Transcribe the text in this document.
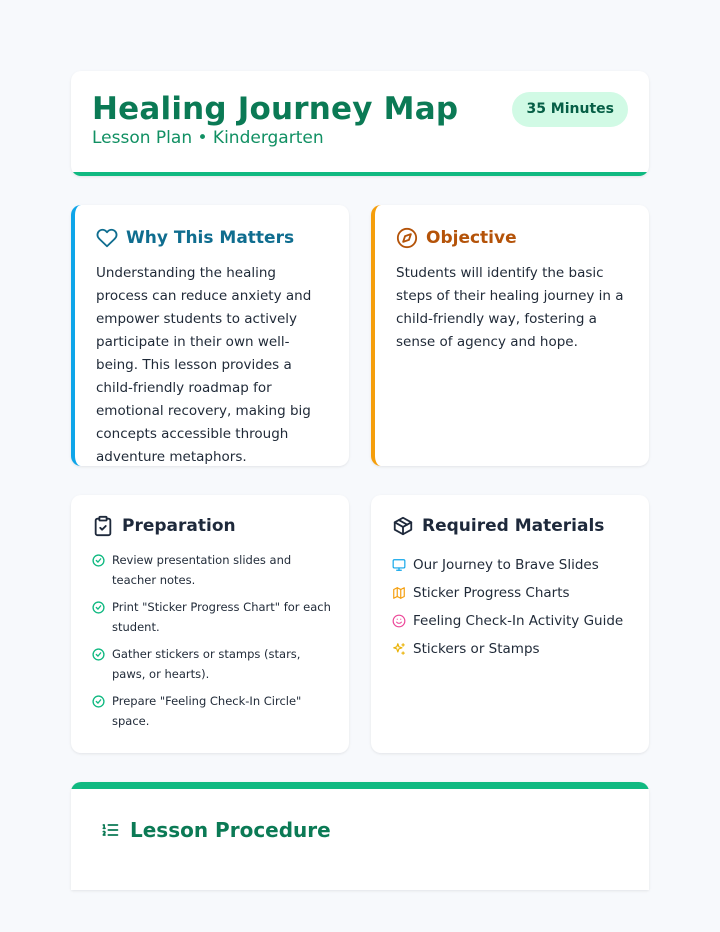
Healing Journey Map
Lesson Plan • Kindergarten
35 Minutes
Why This Matters
Understanding the healing process can reduce anxiety and empower students to actively participate in their own well-being. This lesson provides a child-friendly roadmap for emotional recovery, making big concepts accessible through adventure metaphors.
Objective
Students will identify the basic steps of their healing journey in a child-friendly way, fostering a sense of agency and hope.
Preparation
Review presentation slides and teacher notes.
Print "Sticker Progress Chart" for each student.
Gather stickers or stamps (stars, paws, or hearts).
Prepare "Feeling Check-In Circle" space.
Required Materials
Our Journey to Brave Slides
Sticker Progress Charts
Feeling Check-In Activity Guide
Stickers or Stamps
Lesson Procedure
